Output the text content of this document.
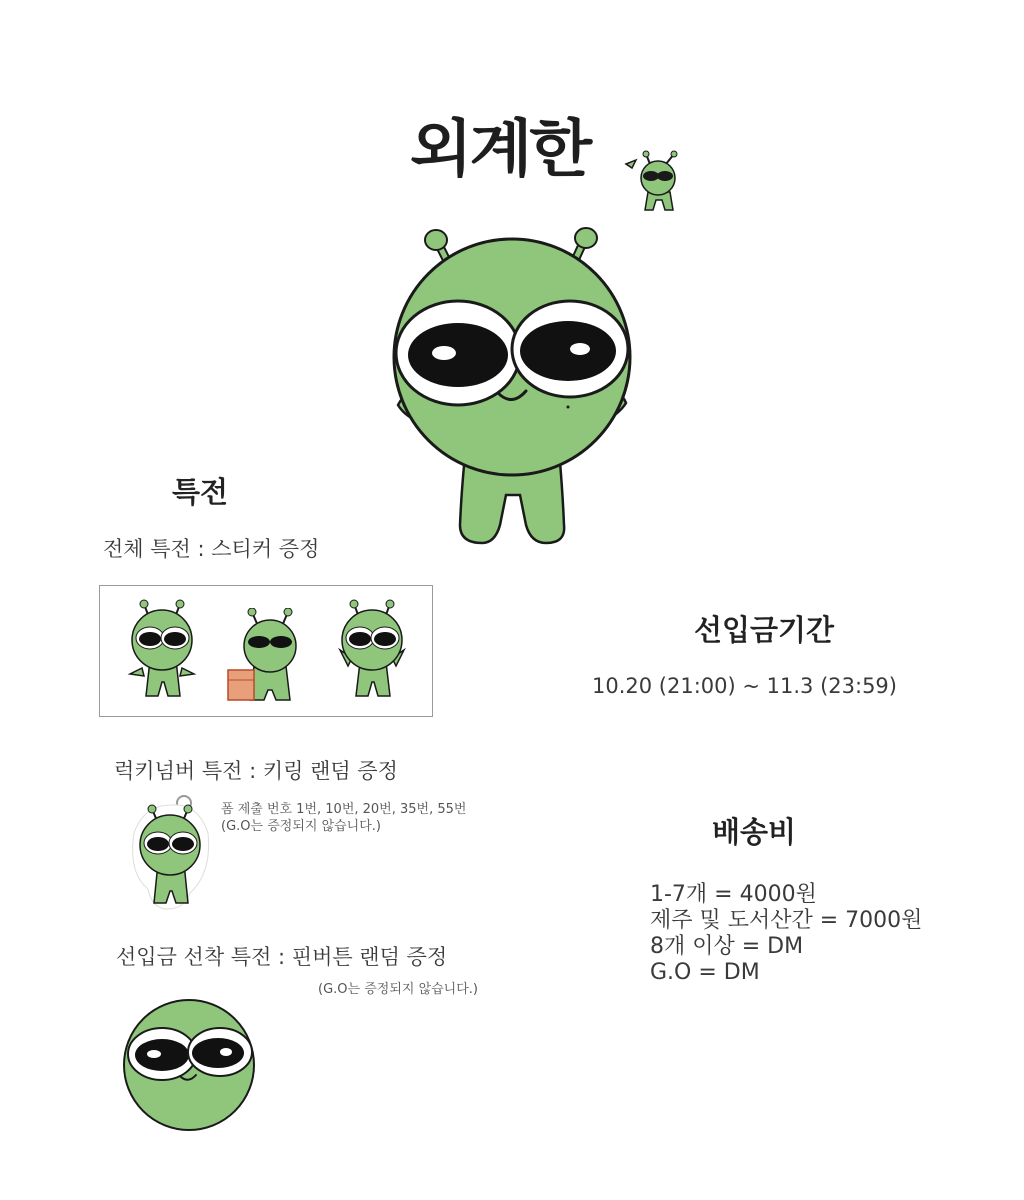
외계한
특전
전체 특전 : 스티커 증정
럭키넘버 특전 : 키링 랜덤 증정
폼 제출 번호 1번, 10번, 20번, 35번, 55번
(G.O는 증정되지 않습니다.)
선입금 선착 특전 : 핀버튼 랜덤 증정
(G.O는 증정되지 않습니다.)
선입금기간
10.20 (21:00) ~ 11.3 (23:59)
배송비
1-7개 = 4000원
제주 및 도서산간 = 7000원
8개 이상 = DM
G.O = DM
